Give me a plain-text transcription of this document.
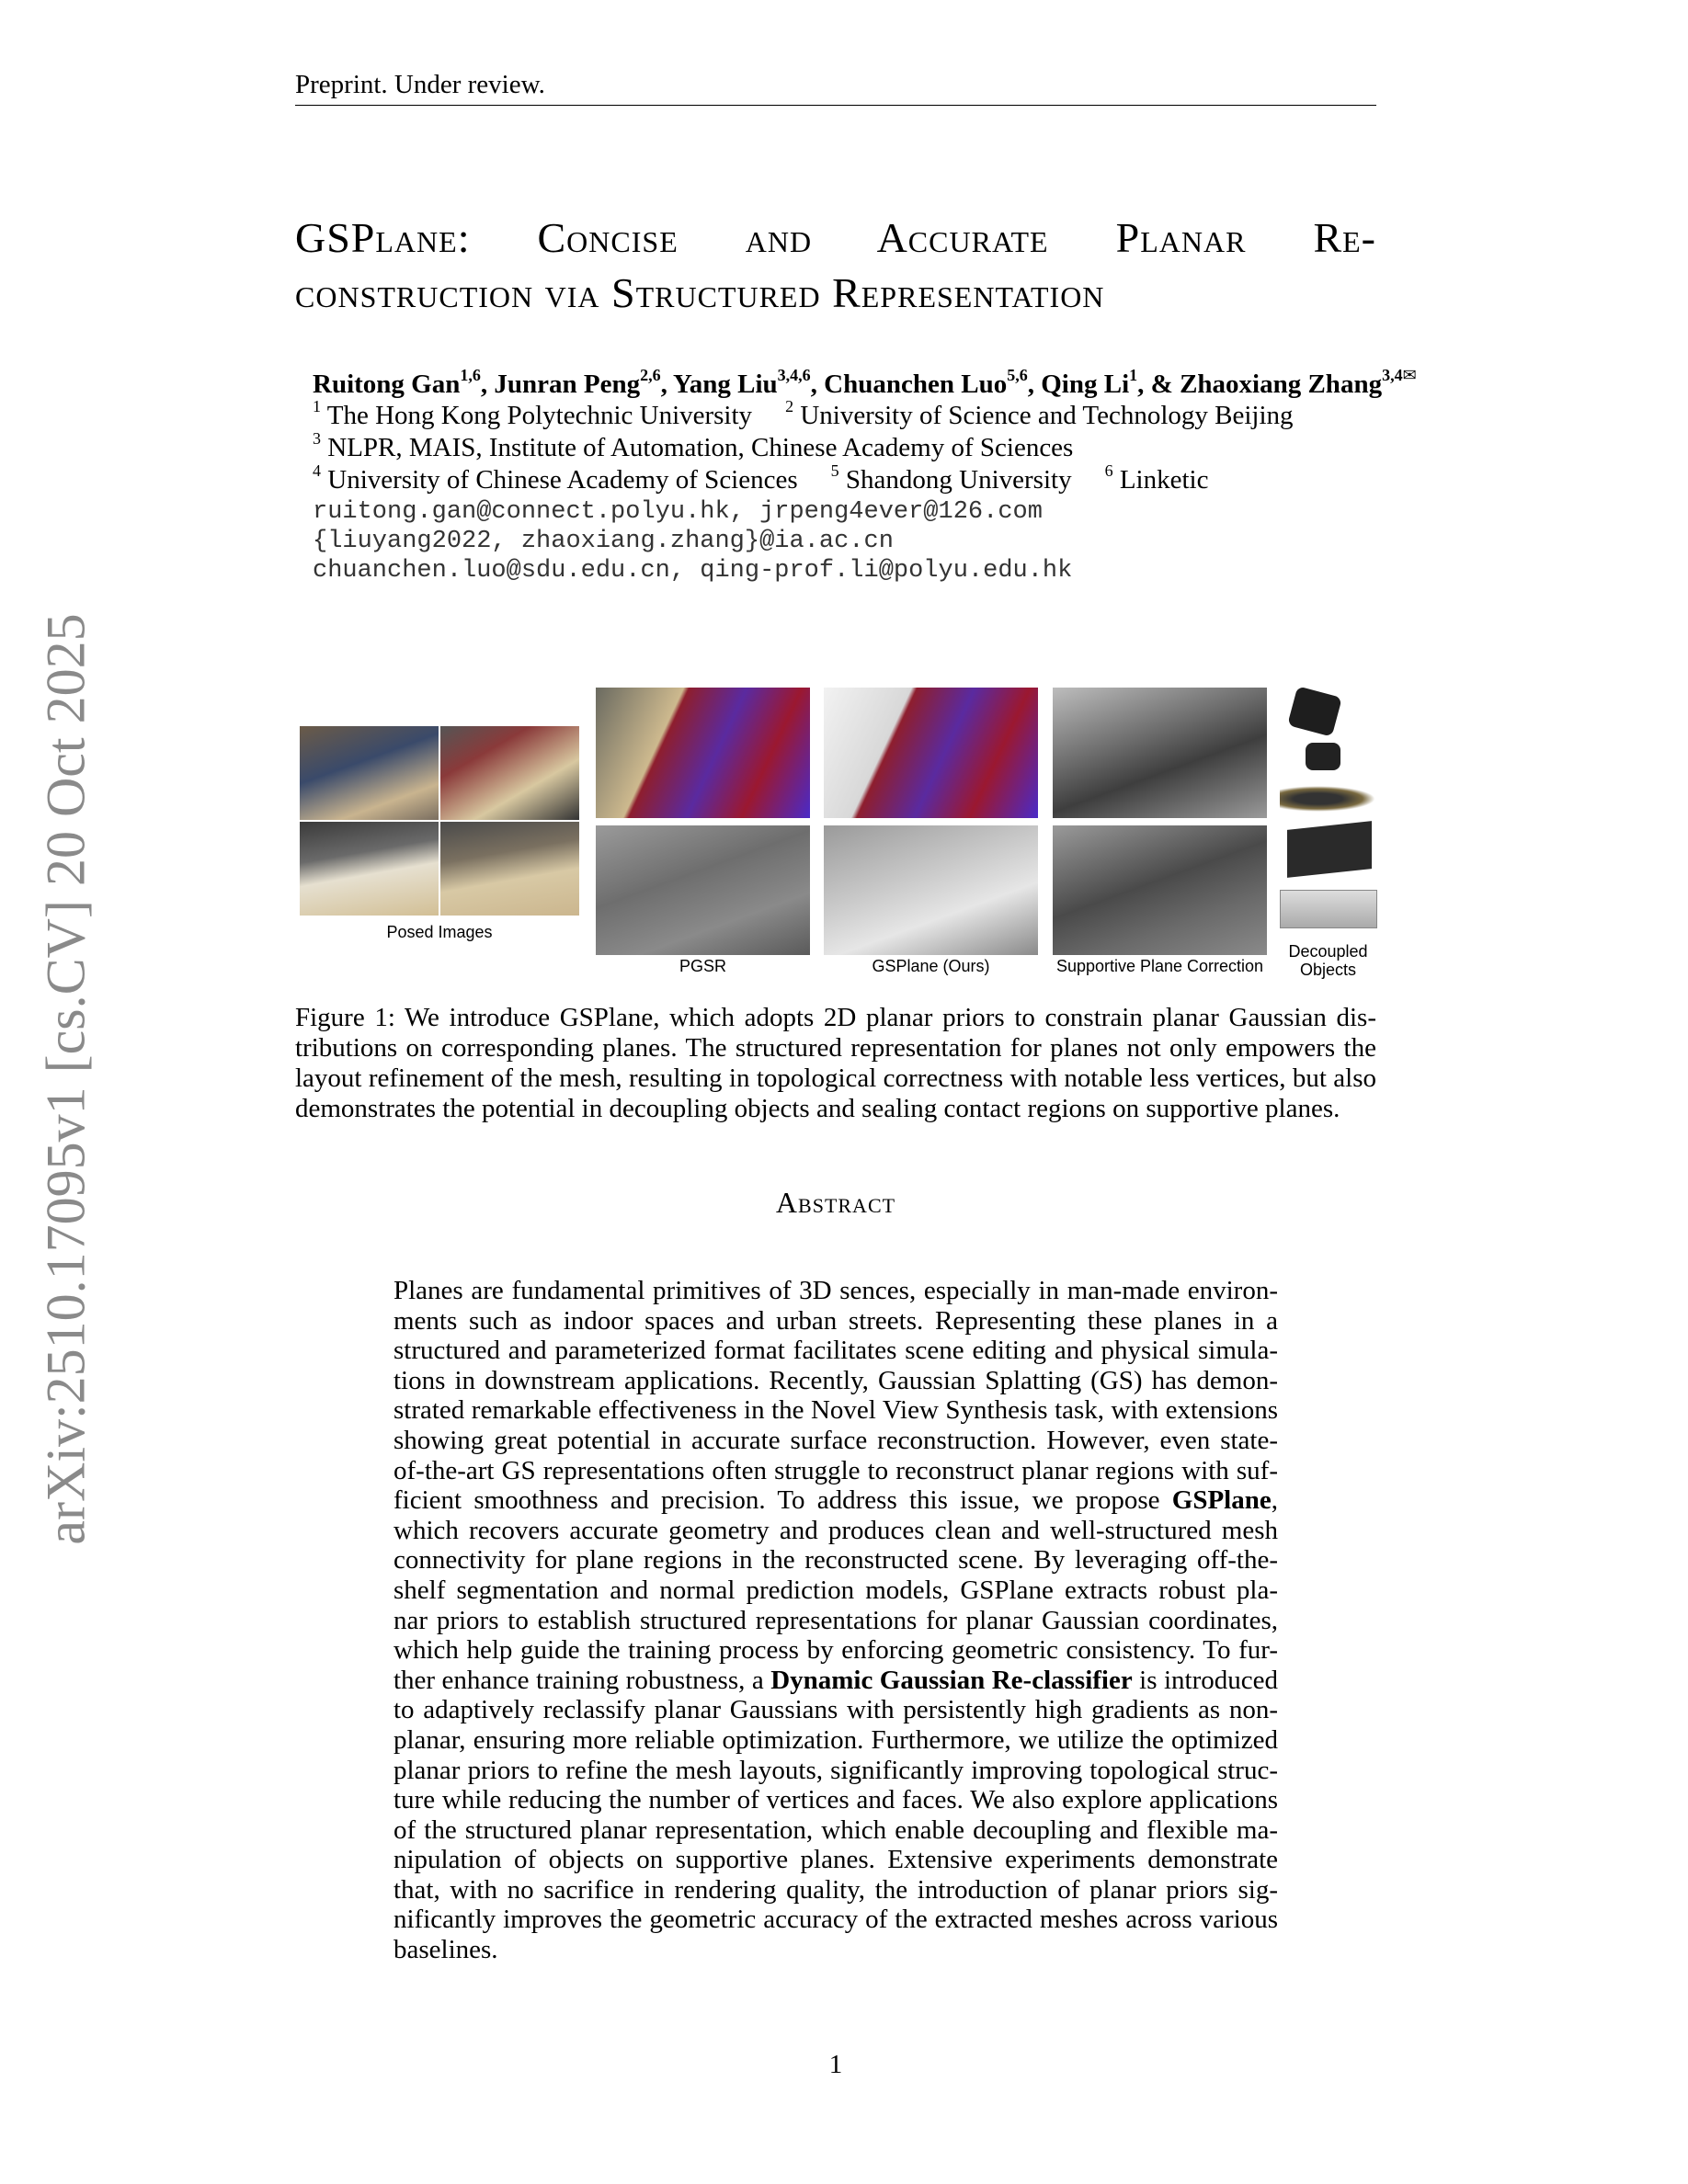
Preprint. Under review.
GSPlane: Concise and Accurate Planar Re-
construction via Structured Representation
Ruitong Gan$^{1,6}$, Junran Peng$^{2,6}$, Yang Liu$^{3,4,6}$, Chuanchen Luo$^{5,6}$, Qing Li$^1$, & Zhaoxiang Zhang$^{3,4✉}$
$^1$ The Hong Kong Polytechnic University $^2$ University of Science and Technology Beijing
$^3$ NLPR, MAIS, Institute of Automation, Chinese Academy of Sciences
$^4$ University of Chinese Academy of Sciences $^5$ Shandong University $^6$ Linketic
ruitong.gan@connect.polyu.hk, jrpeng4ever@126.com
{liuyang2022, zhaoxiang.zhang}@ia.ac.cn
chuanchen.luo@sdu.edu.cn, qing-prof.li@polyu.edu.hk
Posed Images
PGSR	GSPlane (Ours)	Supportive Plane Correction
Decoupled
Objects
Figure 1: We introduce GSPlane, which adopts 2D planar priors to constrain planar Gaussian dis-
tributions on corresponding planes. The structured representation for planes not only empowers the
layout refinement of the mesh, resulting in topological correctness with notable less vertices, but also
demonstrates the potential in decoupling objects and sealing contact regions on supportive planes.
Abstract
Planes are fundamental primitives of 3D sences, especially in man-made environ-
ments such as indoor spaces and urban streets. Representing these planes in a
structured and parameterized format facilitates scene editing and physical simula-
tions in downstream applications. Recently, Gaussian Splatting (GS) has demon-
strated remarkable effectiveness in the Novel View Synthesis task, with extensions
showing great potential in accurate surface reconstruction. However, even state-
of-the-art GS representations often struggle to reconstruct planar regions with suf-
ficient smoothness and precision. To address this issue, we propose GSPlane,
which recovers accurate geometry and produces clean and well-structured mesh
connectivity for plane regions in the reconstructed scene. By leveraging off-the-
shelf segmentation and normal prediction models, GSPlane extracts robust pla-
nar priors to establish structured representations for planar Gaussian coordinates,
which help guide the training process by enforcing geometric consistency. To fur-
ther enhance training robustness, a Dynamic Gaussian Re-classifier is introduced
to adaptively reclassify planar Gaussians with persistently high gradients as non-
planar, ensuring more reliable optimization. Furthermore, we utilize the optimized
planar priors to refine the mesh layouts, significantly improving topological struc-
ture while reducing the number of vertices and faces. We also explore applications
of the structured planar representation, which enable decoupling and flexible ma-
nipulation of objects on supportive planes. Extensive experiments demonstrate
that, with no sacrifice in rendering quality, the introduction of planar priors sig-
nificantly improves the geometric accuracy of the extracted meshes across various
baselines.
1
arXiv:2510.17095v1 [cs.CV] 20 Oct 2025
